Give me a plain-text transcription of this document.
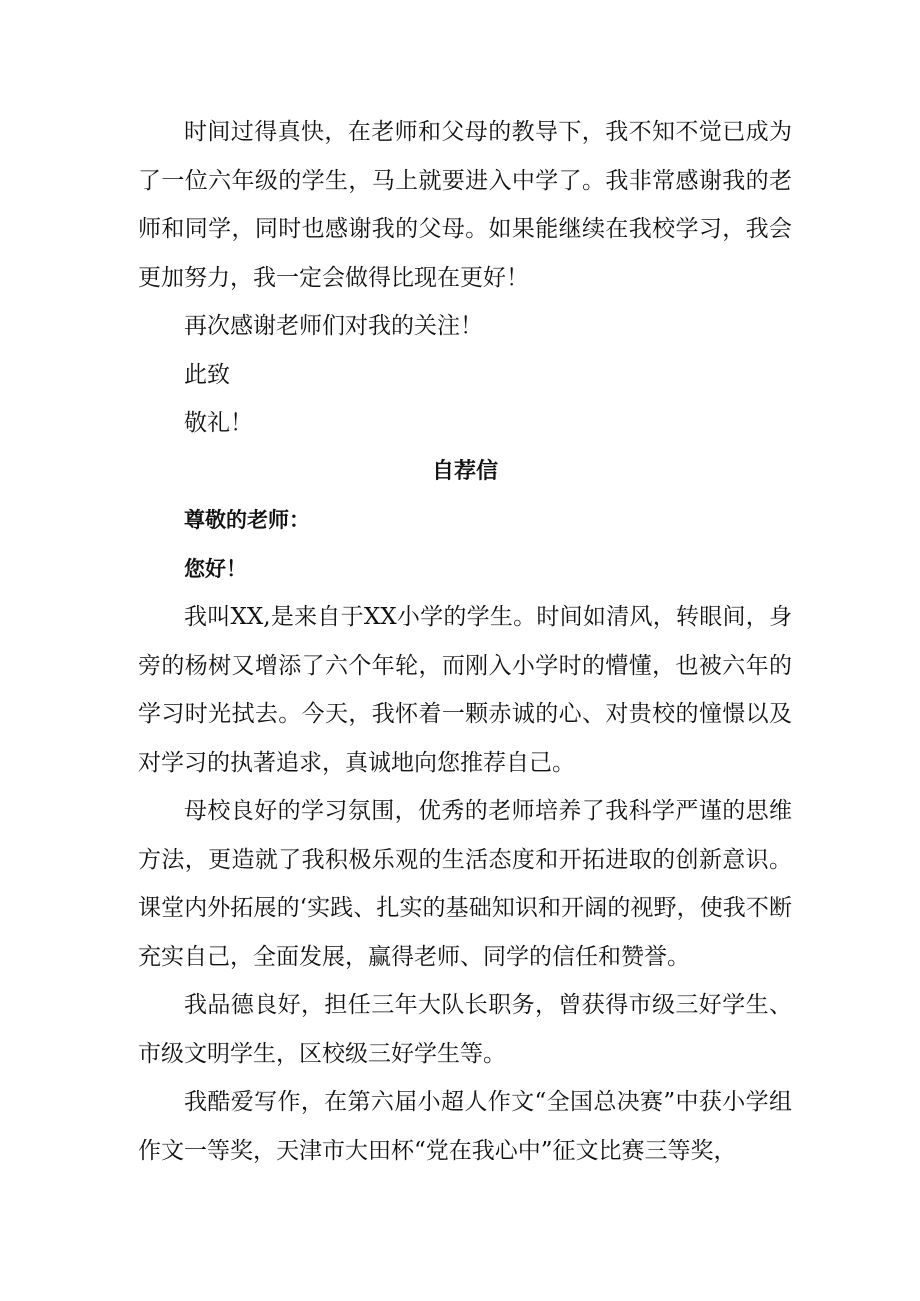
时间过得真快，在老师和父母的教导下，我不知不觉已成为了一位六年级的学生，马上就要进入中学了。我非常感谢我的老师和同学，同时也感谢我的父母。如果能继续在我校学习，我会更加努力，我一定会做得比现在更好！

再次感谢老师们对我的关注！

此致

敬礼！

自荐信

尊敬的老师：

您好！

我叫XX,是来自于XX小学的学生。时间如清风，转眼间，身旁的杨树又增添了六个年轮，而刚入小学时的懵懂，也被六年的学习时光拭去。今天，我怀着一颗赤诚的心、对贵校的憧憬以及对学习的执著追求，真诚地向您推荐自己。

母校良好的学习氛围，优秀的老师培养了我科学严谨的思维方法，更造就了我积极乐观的生活态度和开拓进取的创新意识。课堂内外拓展的‘实践、扎实的基础知识和开阔的视野，使我不断充实自己，全面发展，赢得老师、同学的信任和赞誉。

我品德良好，担任三年大队长职务，曾获得市级三好学生、市级文明学生，区校级三好学生等。

我酷爱写作，在第六届小超人作文“全国总决赛”中获小学组作文一等奖，天津市大田杯“党在我心中”征文比赛三等奖，
